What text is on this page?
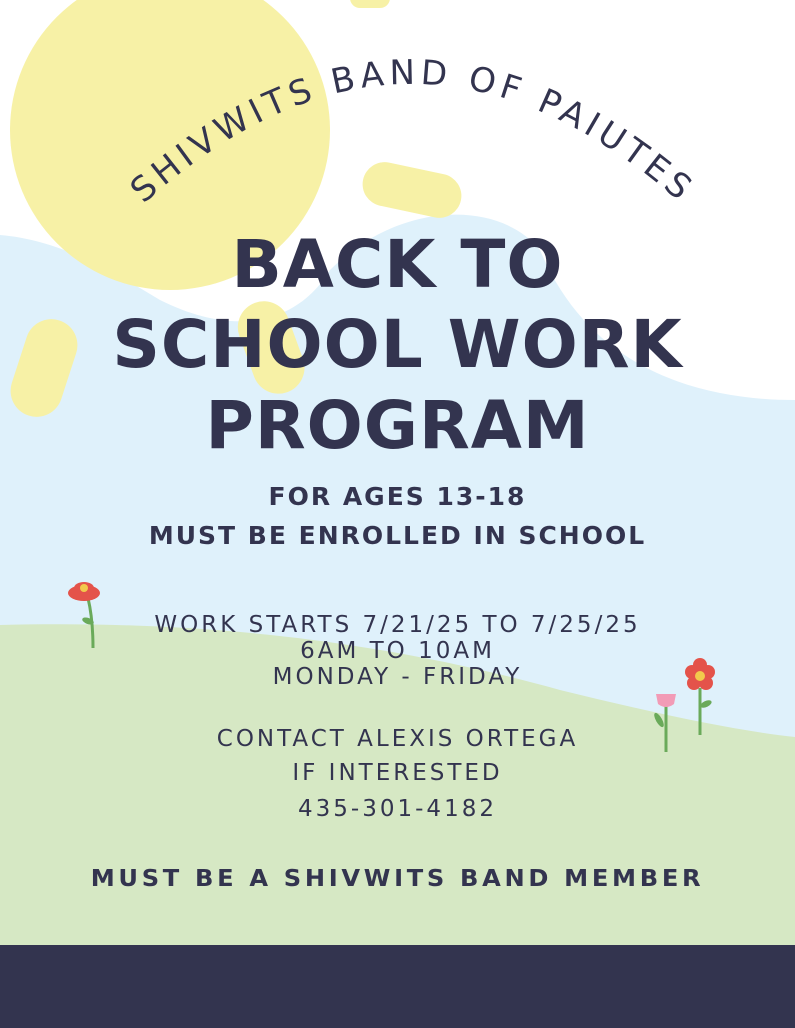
SHIVWITS BAND OF PAIUTES
BACK TO
SCHOOL WORK
PROGRAM

FOR AGES 13-18

MUST BE ENROLLED IN SCHOOL

WORK STARTS 7/21/25 TO 7/25/25

6AM TO 10AM

MONDAY - FRIDAY

CONTACT ALEXIS ORTEGA

IF INTERESTED

435-301-4182

MUST BE A SHIVWITS BAND MEMBER
